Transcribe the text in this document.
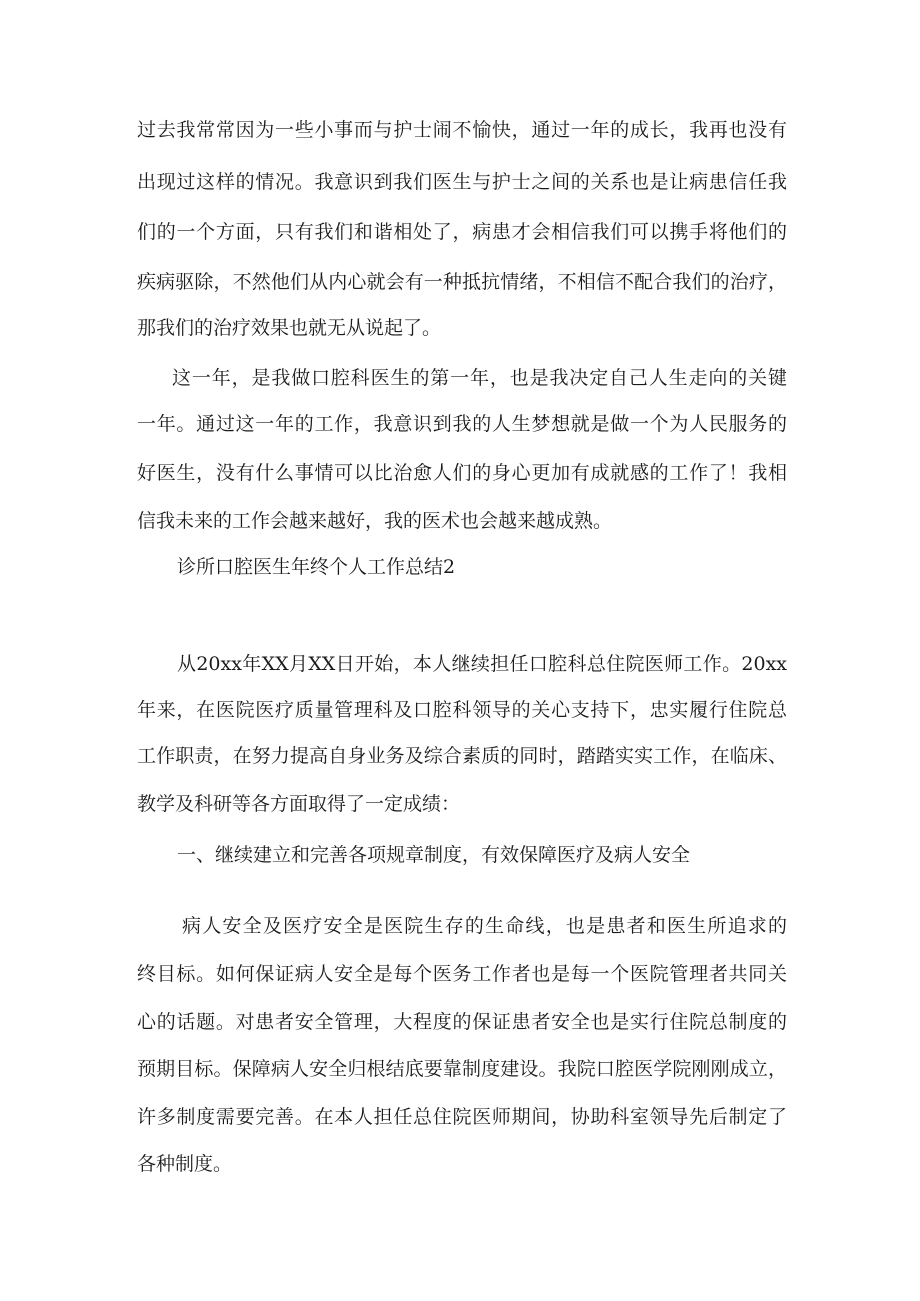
过去我常常因为一些小事而与护士闹不愉快，通过一年的成长，我再也没有
出现过这样的情况。我意识到我们医生与护士之间的关系也是让病患信任我
们的一个方面，只有我们和谐相处了，病患才会相信我们可以携手将他们的
疾病驱除，不然他们从内心就会有一种抵抗情绪，不相信不配合我们的治疗，
那我们的治疗效果也就无从说起了。
这一年，是我做口腔科医生的第一年，也是我决定自己人生走向的关键
一年。通过这一年的工作，我意识到我的人生梦想就是做一个为人民服务的
好医生，没有什么事情可以比治愈人们的身心更加有成就感的工作了！我相
信我未来的工作会越来越好，我的医术也会越来越成熟。
诊所口腔医生年终个人工作总结2
从20xx年XX月XX日开始，本人继续担任口腔科总住院医师工作。20xx
年来，在医院医疗质量管理科及口腔科领导的关心支持下，忠实履行住院总
工作职责，在努力提高自身业务及综合素质的同时，踏踏实实工作，在临床、
教学及科研等各方面取得了一定成绩：
一、继续建立和完善各项规章制度，有效保障医疗及病人安全
病人安全及医疗安全是医院生存的生命线，也是患者和医生所追求的
终目标。如何保证病人安全是每个医务工作者也是每一个医院管理者共同关
心的话题。对患者安全管理，大程度的保证患者安全也是实行住院总制度的
预期目标。保障病人安全归根结底要靠制度建设。我院口腔医学院刚刚成立，
许多制度需要完善。在本人担任总住院医师期间，协助科室领导先后制定了
各种制度。
